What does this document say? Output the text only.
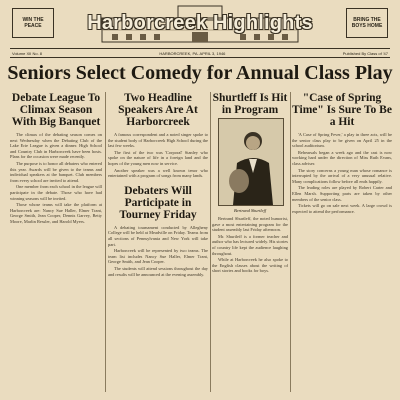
WIN THE PEACE	Harborcreek Highlights	BRING THE BOYS HOME
Volume XII No. 8	HARBORCREEK, PA. APRIL 3, 1946	Published By Class of '47
Seniors Select Comedy for Annual Class Play
Debate League To Climax Season With Big Banquet

The climax of the debating season comes on next Wednesday when the Debating Club of the Lake Erie League is given a dinner. High School and Country Club in Harborcreek have been hosts. Plans for the occasion were made recently.

The purpose is to honor all debaters who entered this year. Awards will be given to the teams and individual speakers at the banquet. Club members from every school are invited to attend.

One member from each school in the league will participate in the debate. Those who have had winning seasons will be invited.

Those whose teams will take the platform at Harborcreek are: Nancy Sue Haller, Elmer Trant, George Smith, Jean Cooper, Dennis Garvey, Betty Moore, Marlin Ressler, and Harold Myers.

Two Headline Speakers Are At Harborcreek

A famous correspondent and a noted singer spoke to the student body of Harborcreek High School during the last few weeks.

The first of the two was 'Corporal' Stanley who spoke on the nature of life in a foreign land and the hopes of the young men now in service.

Another speaker was a well known tenor who entertained with a program of songs from many lands.

Debaters Will Participate in Tourney Friday

A debating tournament conducted by Allegheny College will be held at Meadville on Friday. Teams from all sections of Pennsylvania and New York will take part.

Harborcreek will be represented by two teams. The team list includes Nancy Sue Haller, Elmer Trant, George Smith, and Jean Cooper.

The students will attend sessions throughout the day and results will be announced at the evening assembly.

Shurtleff Is Hit in Program

Bertrand Shurtleff, the noted humorist, gave a most entertaining program for the student assembly last Friday afternoon.

Mr. Shurtleff is a former teacher and author who has lectured widely. His stories of country life kept the audience laughing throughout.

While at Harborcreek he also spoke to the English classes about the writing of short stories and books for boys.

Bertrand Shurtleff
"Case of Spring Time" Is Sure To Be a Hit

'A Case of Spring Fever,' a play in three acts, will be the senior class play to be given on April 25 in the school auditorium.

Rehearsals began a week ago and the cast is now working hard under the direction of Miss Ruth Evans, class adviser.

The story concerns a young man whose romance is interrupted by the arrival of a very unusual relative. Many complications follow before all ends happily.

The leading roles are played by Robert Carter and Ellen Marsh. Supporting parts are taken by other members of the senior class.

Tickets will go on sale next week. A large crowd is expected to attend the performance.
